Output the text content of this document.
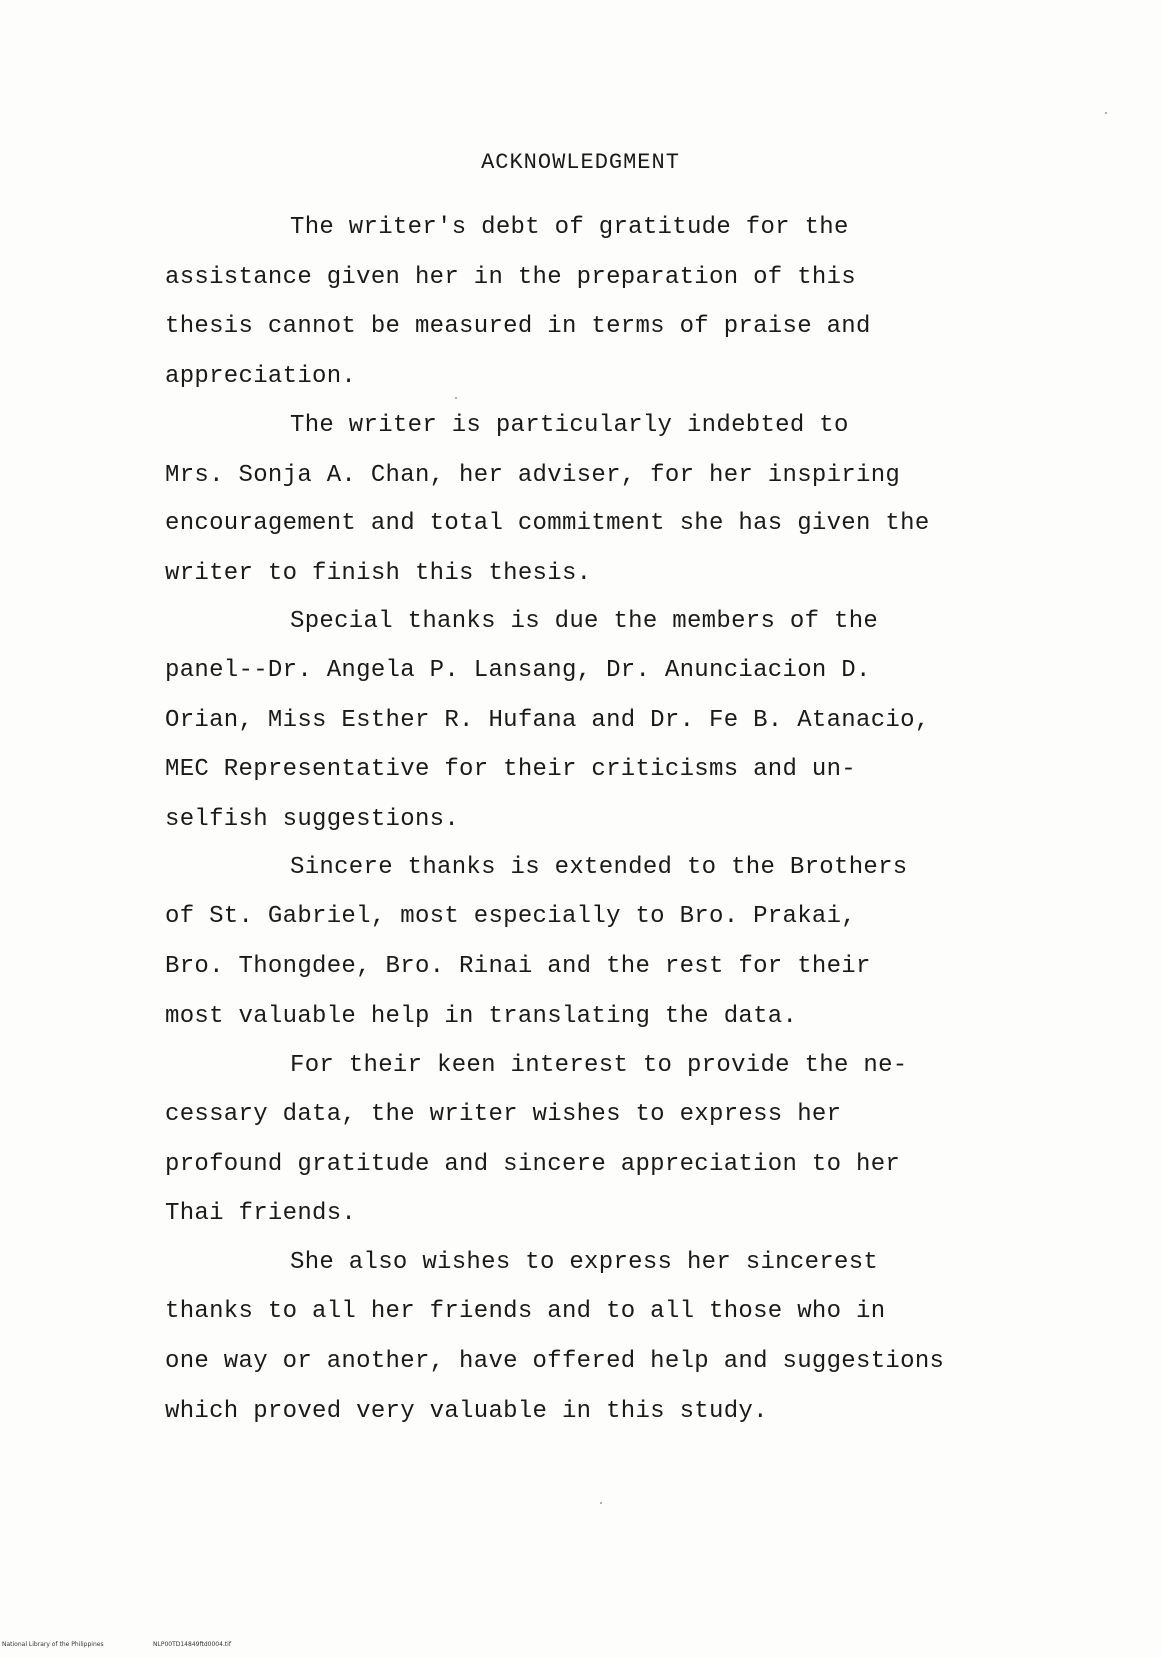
ACKNOWLEDGMENT
The writer's debt of gratitude for the
assistance given her in the preparation of this
thesis cannot be measured in terms of praise and
appreciation.
The writer is particularly indebted to
Mrs. Sonja A. Chan, her adviser, for her inspiring
encouragement and total commitment she has given the
writer to finish this thesis.
Special thanks is due the members of the
panel--Dr. Angela P. Lansang, Dr. Anunciacion D.
Orian, Miss Esther R. Hufana and Dr. Fe B. Atanacio,
MEC Representative for their criticisms and un-
selfish suggestions.
Sincere thanks is extended to the Brothers
of St. Gabriel, most especially to Bro. Prakai,
Bro. Thongdee, Bro. Rinai and the rest for their
most valuable help in translating the data.
For their keen interest to provide the ne-
cessary data, the writer wishes to express her
profound gratitude and sincere appreciation to her
Thai friends.
She also wishes to express her sincerest
thanks to all her friends and to all those who in
one way or another, have offered help and suggestions
which proved very valuable in this study.
National Library of the Philippines	NLP00TD14849ftd0004.tif
